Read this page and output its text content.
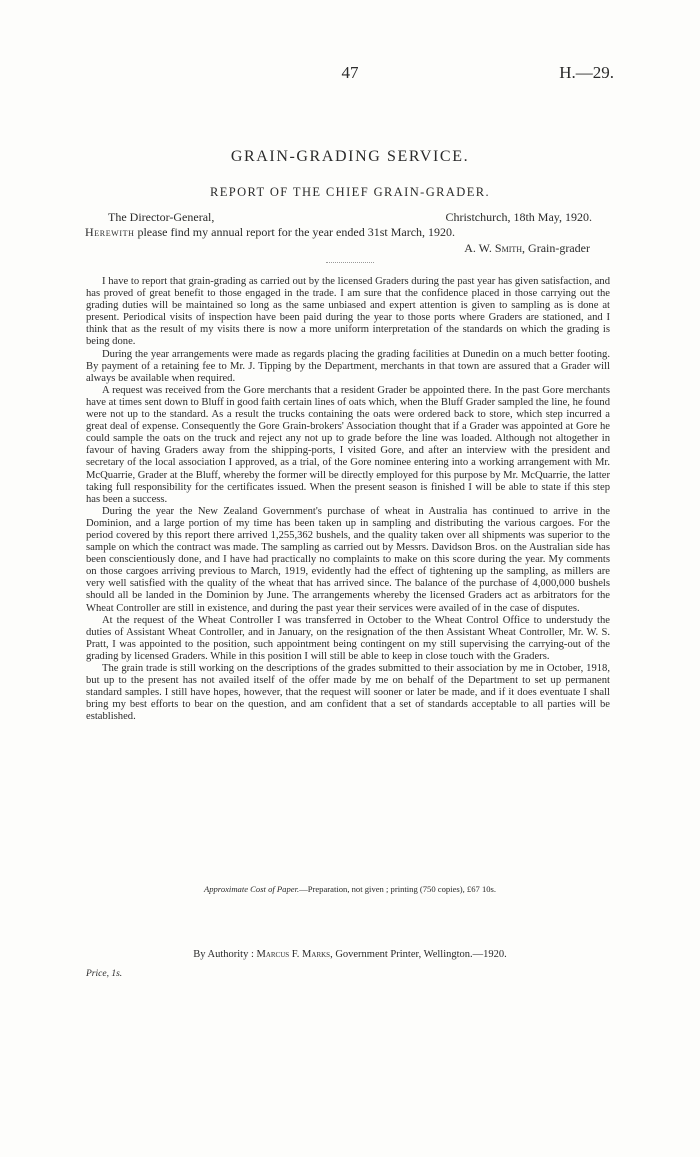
47	H.—29.
GRAIN-GRADING SERVICE.
REPORT OF THE CHIEF GRAIN-GRADER.
The Director-General,	Christchurch, 18th May, 1920.
Herewith please find my annual report for the year ended 31st March, 1920.
A. W. Smith, Grain-grader

I have to report that grain-grading as carried out by the licensed Graders during the past year has given satisfaction, and has proved of great benefit to those engaged in the trade. I am sure that the confidence placed in those carrying out the grading duties will be maintained so long as the same unbiased and expert attention is given to sampling as is done at present. Periodical visits of inspection have been paid during the year to those ports where Graders are stationed, and I think that as the result of my visits there is now a more uniform interpretation of the standards on which the grading is being done.

During the year arrangements were made as regards placing the grading facilities at Dunedin on a much better footing. By payment of a retaining fee to Mr. J. Tipping by the Department, merchants in that town are assured that a Grader will always be available when required.

A request was received from the Gore merchants that a resident Grader be appointed there. In the past Gore merchants have at times sent down to Bluff in good faith certain lines of oats which, when the Bluff Grader sampled the line, he found were not up to the standard. As a result the trucks containing the oats were ordered back to store, which step incurred a great deal of expense. Consequently the Gore Grain-brokers' Association thought that if a Grader was appointed at Gore he could sample the oats on the truck and reject any not up to grade before the line was loaded. Although not altogether in favour of having Graders away from the shipping-ports, I visited Gore, and after an interview with the president and secretary of the local association I approved, as a trial, of the Gore nominee entering into a working arrangement with Mr. McQuarrie, Grader at the Bluff, whereby the former will be directly employed for this purpose by Mr. McQuarrie, the latter taking full responsibility for the certificates issued. When the present season is finished I will be able to state if this step has been a success.

During the year the New Zealand Government's purchase of wheat in Australia has continued to arrive in the Dominion, and a large portion of my time has been taken up in sampling and distributing the various cargoes. For the period covered by this report there arrived 1,255,362 bushels, and the quality taken over all shipments was superior to the sample on which the contract was made. The sampling as carried out by Messrs. Davidson Bros. on the Australian side has been conscientiously done, and I have had practically no complaints to make on this score during the year. My comments on those cargoes arriving previous to March, 1919, evidently had the effect of tightening up the sampling, as millers are very well satisfied with the quality of the wheat that has arrived since. The balance of the purchase of 4,000,000 bushels should all be landed in the Dominion by June. The arrangements whereby the licensed Graders act as arbitrators for the Wheat Controller are still in existence, and during the past year their services were availed of in the case of disputes.

At the request of the Wheat Controller I was transferred in October to the Wheat Control Office to understudy the duties of Assistant Wheat Controller, and in January, on the resignation of the then Assistant Wheat Controller, Mr. W. S. Pratt, I was appointed to the position, such appointment being contingent on my still supervising the carrying-out of the grading by licensed Graders. While in this position I will still be able to keep in close touch with the Graders.

The grain trade is still working on the descriptions of the grades submitted to their association by me in October, 1918, but up to the present has not availed itself of the offer made by me on behalf of the Department to set up permanent standard samples. I still have hopes, however, that the request will sooner or later be made, and if it does eventuate I shall bring my best efforts to bear on the question, and am confident that a set of standards acceptable to all parties will be established.

Approximate Cost of Paper.—Preparation, not given ; printing (750 copies), £67 10s.
By Authority : Marcus F. Marks, Government Printer, Wellington.—1920.
Price, 1s.
